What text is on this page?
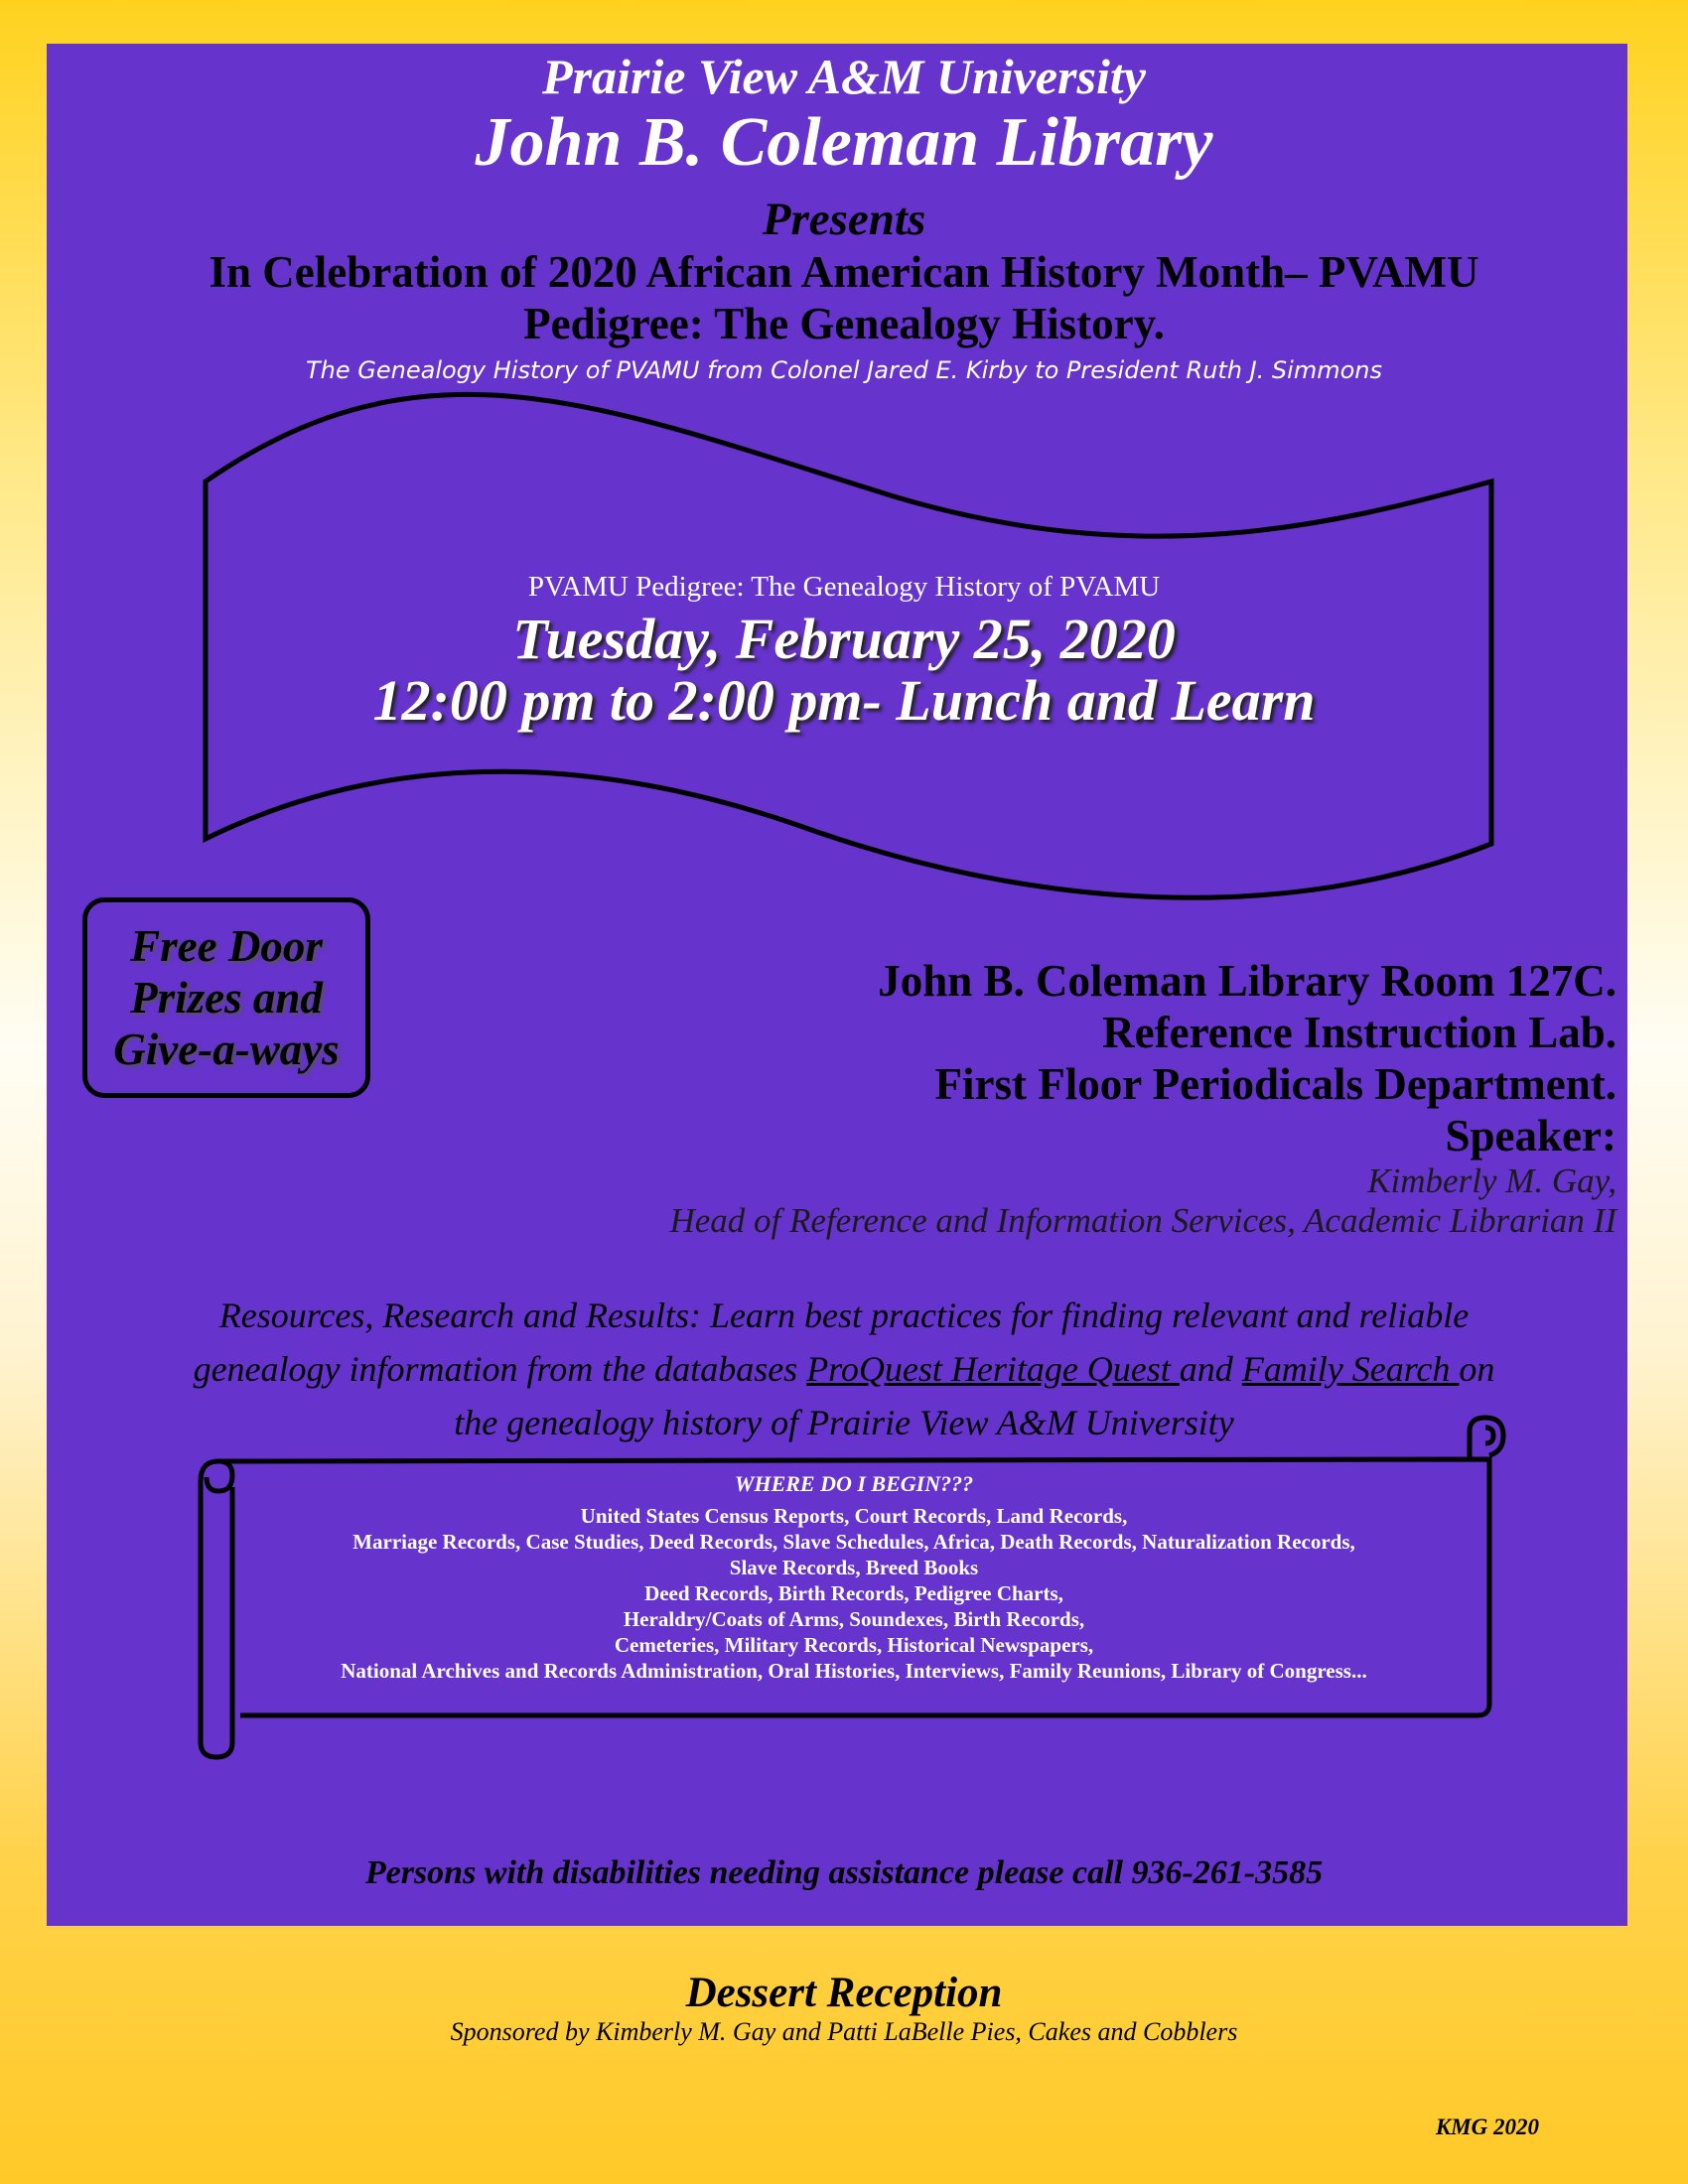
Prairie View A&M University
John B. Coleman Library
Presents
In Celebration of 2020 African American History Month– PVAMU
Pedigree: The Genealogy History.
The Genealogy History of PVAMU from Colonel Jared E. Kirby to President Ruth J. Simmons
PVAMU Pedigree: The Genealogy History of PVAMU
Tuesday, February 25, 2020
12:00 pm to 2:00 pm- Lunch and Learn
Free Door
Prizes and
Give-a-ways
John B. Coleman Library Room 127C.
Reference Instruction Lab.
First Floor Periodicals Department.
Speaker:
Kimberly M. Gay,
Head of Reference and Information Services, Academic Librarian II
Resources, Research and Results: Learn best practices for finding relevant and reliable
genealogy information from the databases ProQuest Heritage Quest and Family Search on
the genealogy history of Prairie View A&M University
WHERE DO I BEGIN???
United States Census Reports, Court Records, Land Records,
Marriage Records, Case Studies, Deed Records, Slave Schedules, Africa, Death Records, Naturalization Records,
Slave Records, Breed Books
Deed Records, Birth Records, Pedigree Charts,
Heraldry/Coats of Arms, Soundexes, Birth Records,
Cemeteries, Military Records, Historical Newspapers,
National Archives and Records Administration, Oral Histories, Interviews, Family Reunions, Library of Congress...
Persons with disabilities needing assistance please call 936-261-3585
Dessert Reception
Sponsored by Kimberly M. Gay and Patti LaBelle Pies, Cakes and Cobblers
KMG 2020
